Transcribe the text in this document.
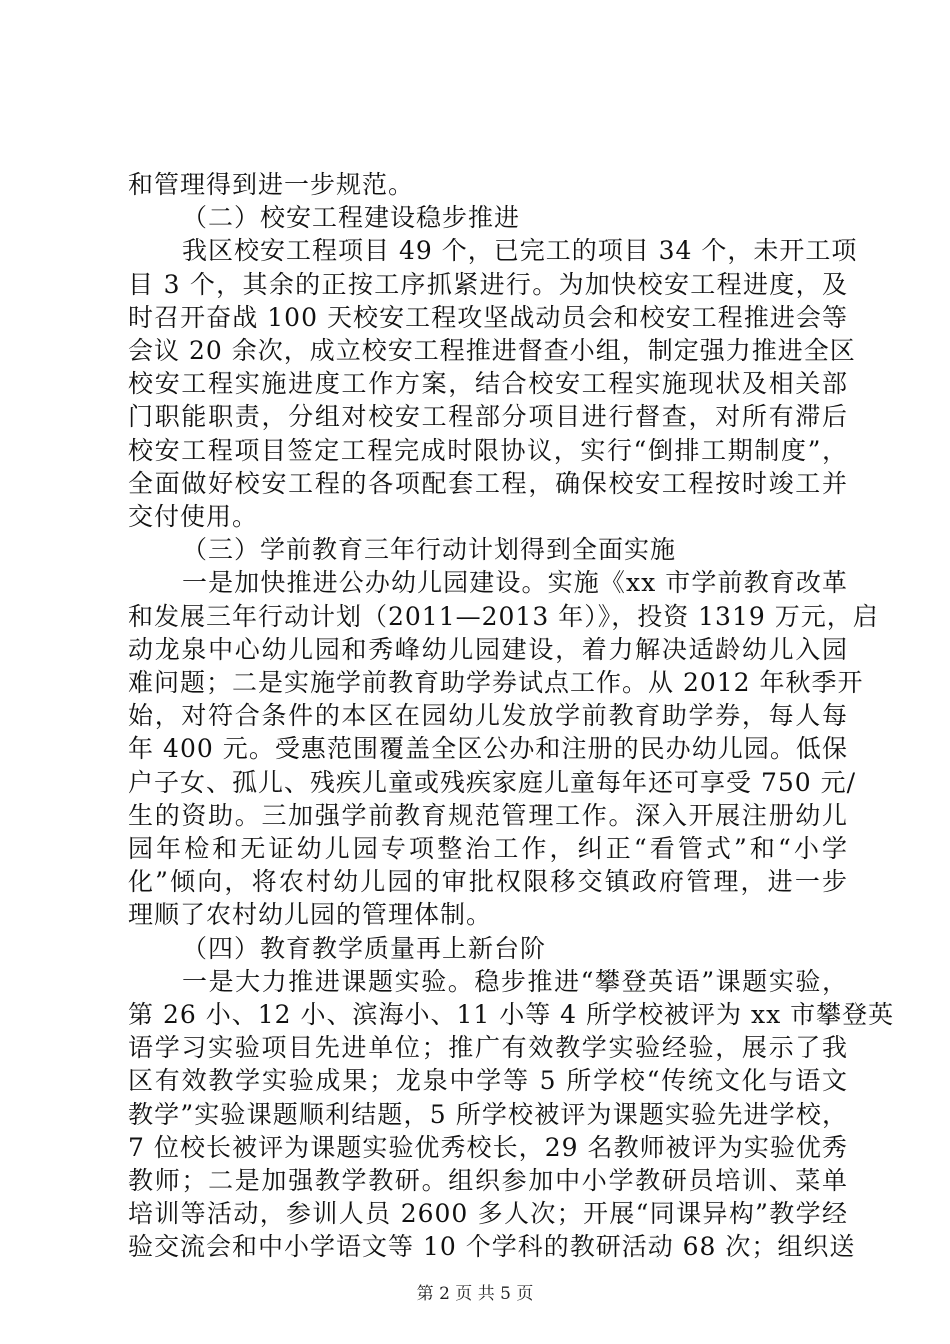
和管理得到进一步规范。
（二）校安工程建设稳步推进
我区校安工程项目 49 个，已完工的项目 34 个，未开工项
目 3 个，其余的正按工序抓紧进行。为加快校安工程进度，及
时召开奋战 100 天校安工程攻坚战动员会和校安工程推进会等
会议 20 余次，成立校安工程推进督查小组，制定强力推进全区
校安工程实施进度工作方案，结合校安工程实施现状及相关部
门职能职责，分组对校安工程部分项目进行督查，对所有滞后
校安工程项目签定工程完成时限协议，实行“倒排工期制度”，
全面做好校安工程的各项配套工程，确保校安工程按时竣工并
交付使用。
（三）学前教育三年行动计划得到全面实施
一是加快推进公办幼儿园建设。实施《xx 市学前教育改革
和发展三年行动计划（2011—2013 年）》，投资 1319 万元，启
动龙泉中心幼儿园和秀峰幼儿园建设，着力解决适龄幼儿入园
难问题；二是实施学前教育助学券试点工作。从 2012 年秋季开
始，对符合条件的本区在园幼儿发放学前教育助学券，每人每
年 400 元。受惠范围覆盖全区公办和注册的民办幼儿园。低保
户子女、孤儿、残疾儿童或残疾家庭儿童每年还可享受 750 元/
生的资助。三加强学前教育规范管理工作。深入开展注册幼儿
园年检和无证幼儿园专项整治工作，纠正“看管式”和“小学
化”倾向，将农村幼儿园的审批权限移交镇政府管理，进一步
理顺了农村幼儿园的管理体制。
（四）教育教学质量再上新台阶
一是大力推进课题实验。稳步推进“攀登英语”课题实验，
第 26 小、12 小、滨海小、11 小等 4 所学校被评为 xx 市攀登英
语学习实验项目先进单位；推广有效教学实验经验，展示了我
区有效教学实验成果；龙泉中学等 5 所学校“传统文化与语文
教学”实验课题顺利结题，5 所学校被评为课题实验先进学校，
7 位校长被评为课题实验优秀校长，29 名教师被评为实验优秀
教师；二是加强教学教研。组织参加中小学教研员培训、菜单
培训等活动，参训人员 2600 多人次；开展“同课异构”教学经
验交流会和中小学语文等 10 个学科的教研活动 68 次；组织送
第 2 页 共 5 页
